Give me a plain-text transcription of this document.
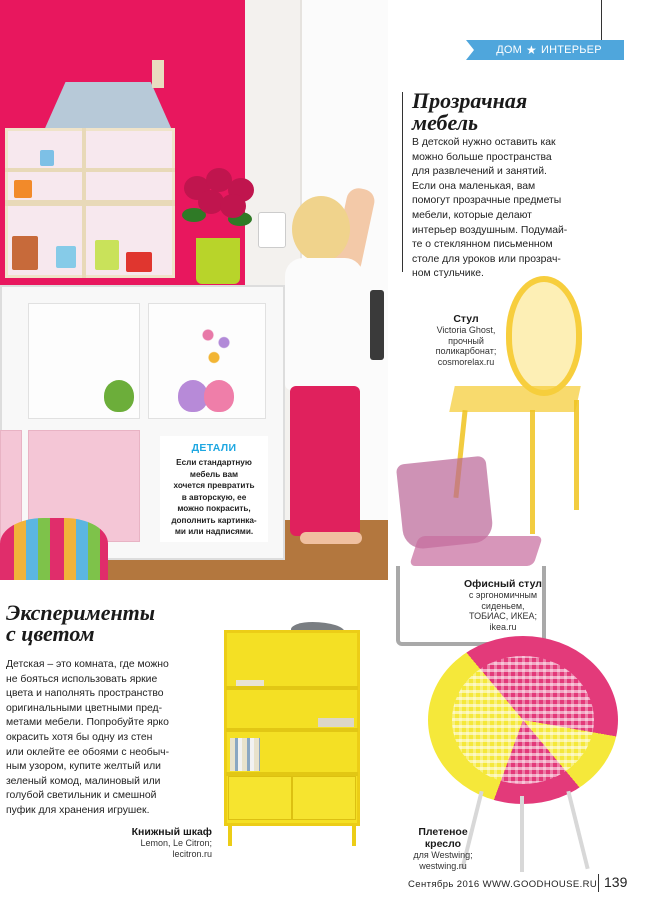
ДЕТАЛИ
Если стандартную
мебель вам
хочется превратить
в авторскую, ее
можно покрасить,
дополнить картинка-
ми или надписями.
ДОМ ★ ИНТЕРЬЕР
Прозрачная
мебель
В детской нужно оставить как
можно больше пространства
для развлечений и занятий.
Если она маленькая, вам
помогут прозрачные предметы
мебели, которые делают
интерьер воздушным. Подумай-
те о стеклянном письменном
столе для уроков или прозрач-
ном стульчике.
Стул
Victoria Ghost,
прочный
поликарбонат;
cosmorelax.ru
Офисный стул
с эргономичным
сиденьем,
ТОБИАС, ИКЕА;
ikea.ru
Эксперименты
с цветом
Детская – это комната, где можно
не бояться использовать яркие
цвета и наполнять пространство
оригинальными цветными пред-
метами мебели. Попробуйте ярко
окрасить хотя бы одну из стен
или оклейте ее обоями с необыч-
ным узором, купите желтый или
зеленый комод, малиновый или
голубой светильник и смешной
пуфик для хранения игрушек.
Книжный шкаф
Lemon, Le Citron;
lecitron.ru
Плетеное
кресло
для Westwing;
westwing.ru
Сентябрь 2016 WWW.GOODHOUSE.RU 139
